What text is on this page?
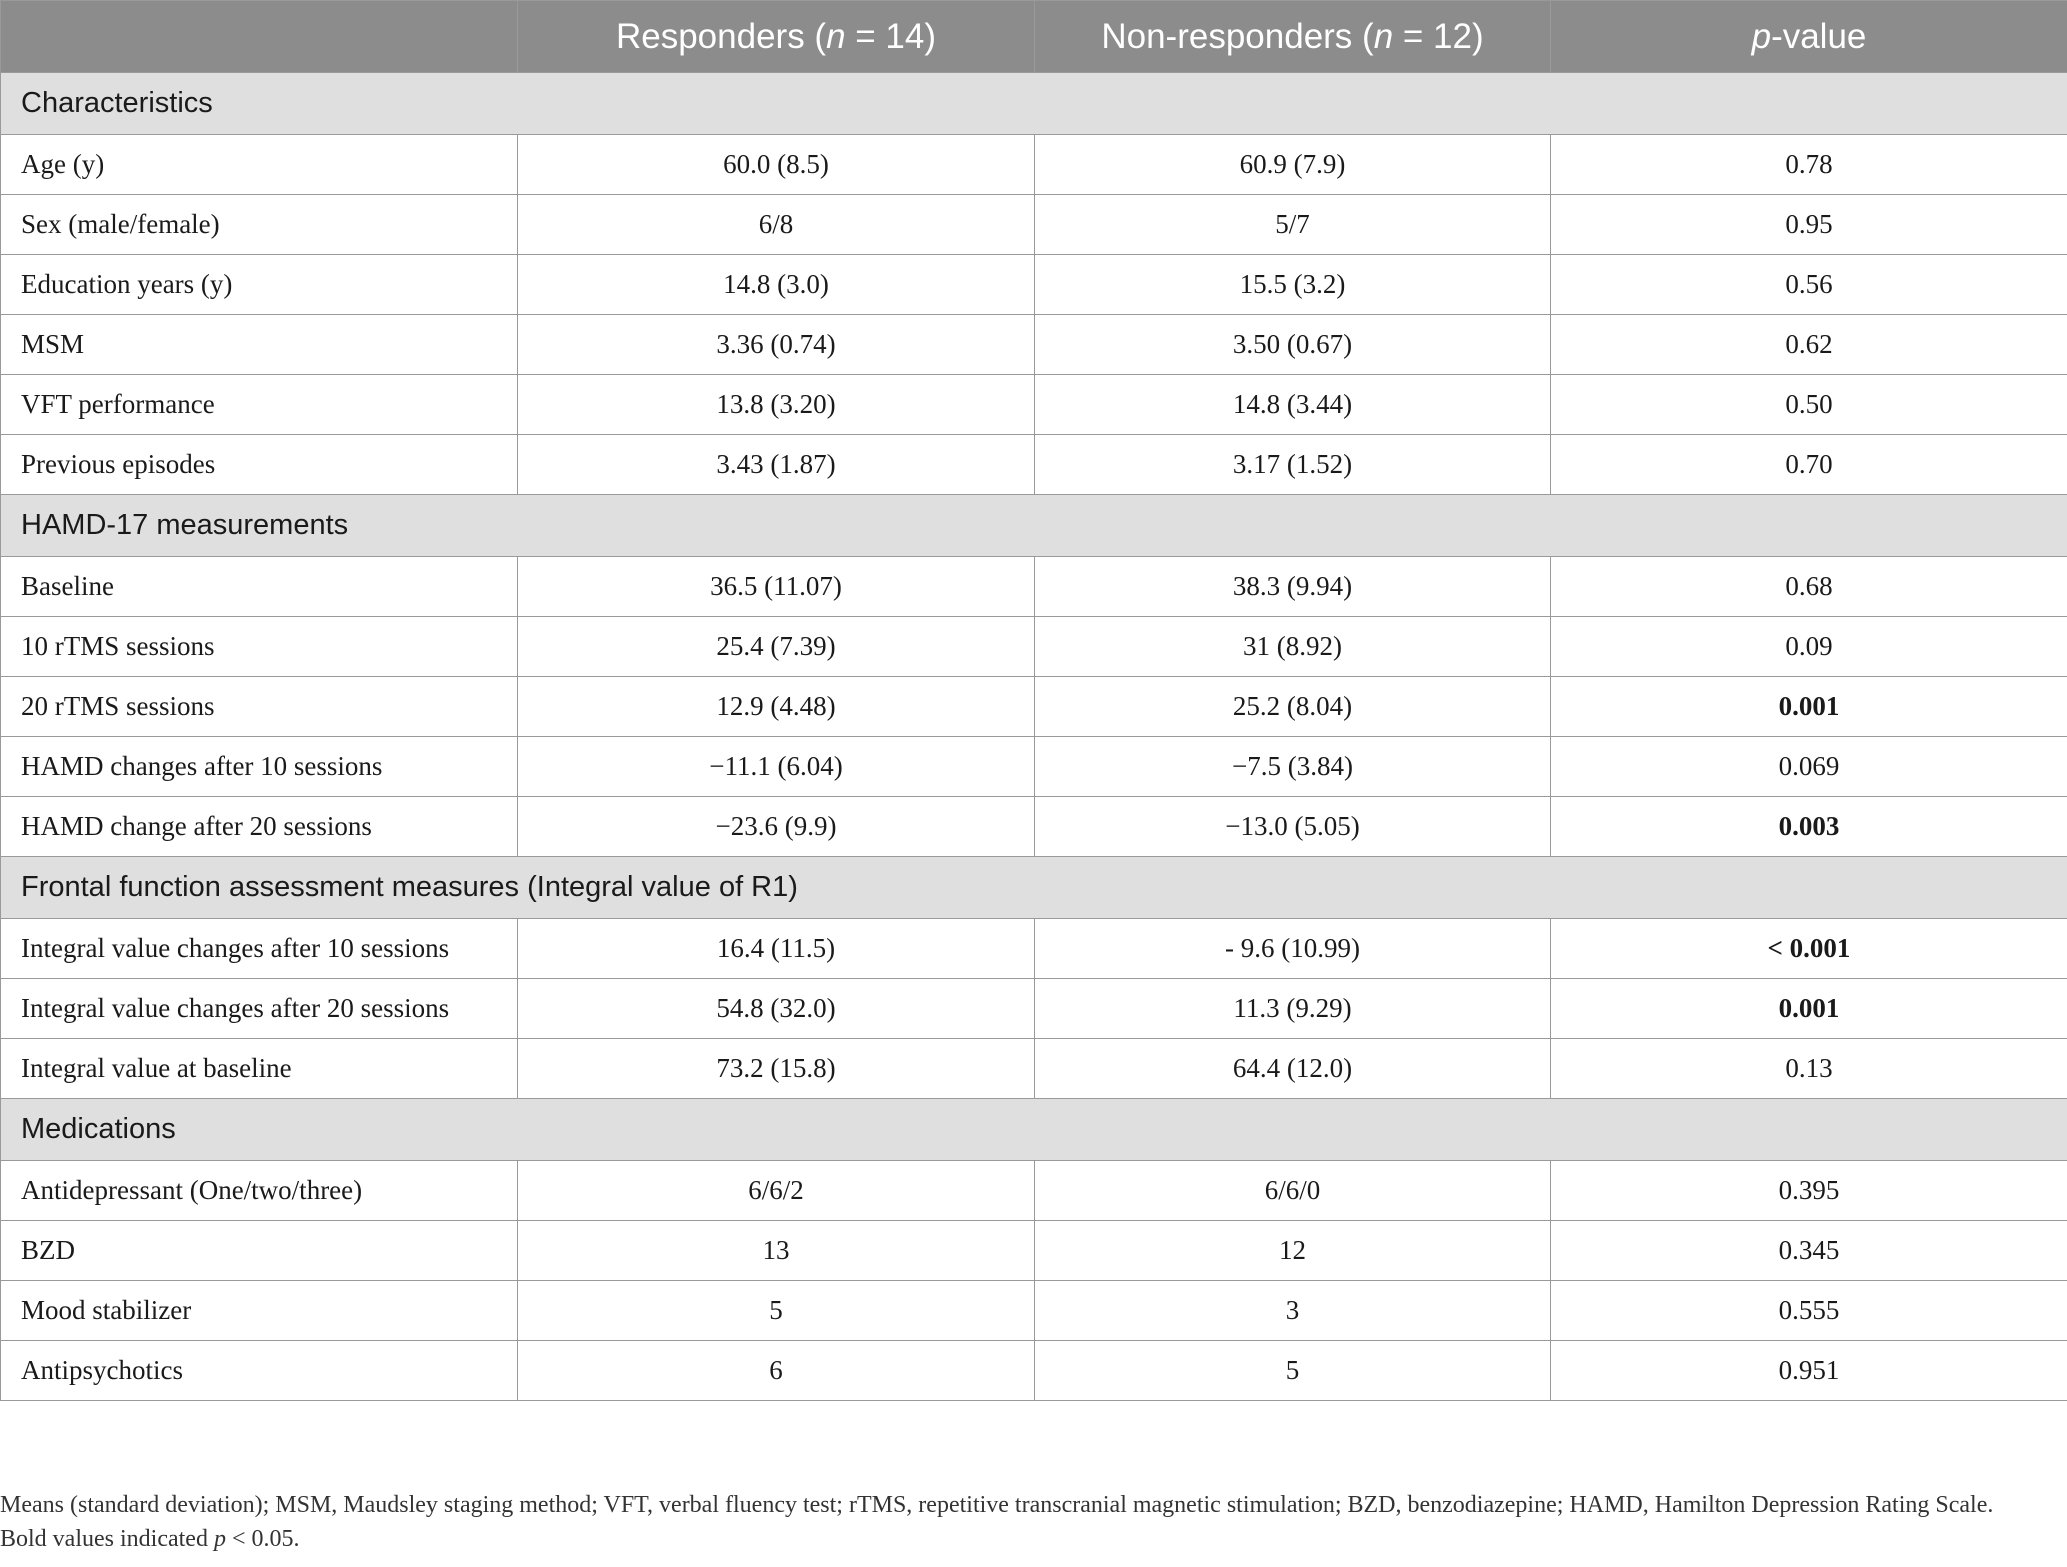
	Responders (n = 14)	Non-responders (n = 12)	p-value
Characteristics			
Age (y)	60.0 (8.5)	60.9 (7.9)	0.78
Sex (male/female)	6/8	5/7	0.95
Education years (y)	14.8 (3.0)	15.5 (3.2)	0.56
MSM	3.36 (0.74)	3.50 (0.67)	0.62
VFT performance	13.8 (3.20)	14.8 (3.44)	0.50
Previous episodes	3.43 (1.87)	3.17 (1.52)	0.70
HAMD-17 measurements			
Baseline	36.5 (11.07)	38.3 (9.94)	0.68
10 rTMS sessions	25.4 (7.39)	31 (8.92)	0.09
20 rTMS sessions	12.9 (4.48)	25.2 (8.04)	0.001
HAMD changes after 10 sessions	−11.1 (6.04)	−7.5 (3.84)	0.069
HAMD change after 20 sessions	−23.6 (9.9)	−13.0 (5.05)	0.003
Frontal function assessment measures (Integral value of R1)			
Integral value changes after 10 sessions	16.4 (11.5)	- 9.6 (10.99)	< 0.001
Integral value changes after 20 sessions	54.8 (32.0)	11.3 (9.29)	0.001
Integral value at baseline	73.2 (15.8)	64.4 (12.0)	0.13
Medications			
Antidepressant (One/two/three)	6/6/2	6/6/0	0.395
BZD	13	12	0.345
Mood stabilizer	5	3	0.555
Antipsychotics	6	5	0.951
Means (standard deviation); MSM, Maudsley staging method; VFT, verbal fluency test; rTMS, repetitive transcranial magnetic stimulation; BZD, benzodiazepine; HAMD, Hamilton Depression Rating Scale. Bold values indicated p < 0.05.
